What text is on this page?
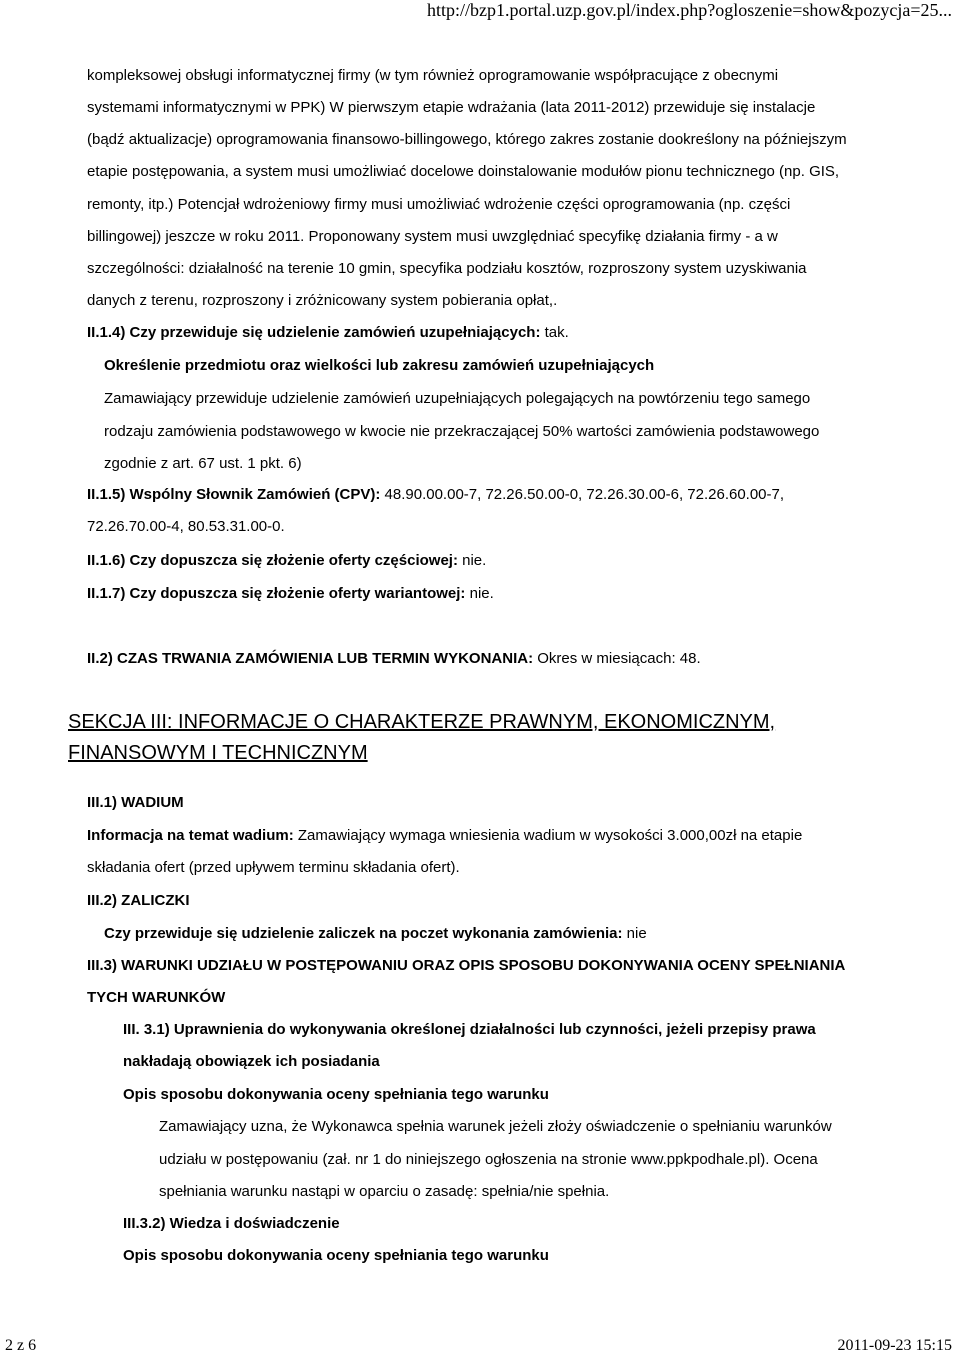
http://bzp1.portal.uzp.gov.pl/index.php?ogloszenie=show&pozycja=25...
kompleksowej obsługi informatycznej firmy (w tym również oprogramowanie współpracujące z obecnymi
systemami informatycznymi w PPK) W pierwszym etapie wdrażania (lata 2011-2012) przewiduje się instalacje
(bądź aktualizacje) oprogramowania finansowo-billingowego, którego zakres zostanie dookreślony na późniejszym
etapie postępowania, a system musi umożliwiać docelowe doinstalowanie modułów pionu technicznego (np. GIS,
remonty, itp.) Potencjał wdrożeniowy firmy musi umożliwiać wdrożenie części oprogramowania (np. części
billingowej) jeszcze w roku 2011. Proponowany system musi uwzględniać specyfikę działania firmy - a w
szczególności: działalność na terenie 10 gmin, specyfika podziału kosztów, rozproszony system uzyskiwania
danych z terenu, rozproszony i zróżnicowany system pobierania opłat,.
II.1.4) Czy przewiduje się udzielenie zamówień uzupełniających: tak.
Określenie przedmiotu oraz wielkości lub zakresu zamówień uzupełniających
Zamawiający przewiduje udzielenie zamówień uzupełniających polegających na powtórzeniu tego samego
rodzaju zamówienia podstawowego w kwocie nie przekraczającej 50% wartości zamówienia podstawowego
zgodnie z art. 67 ust. 1 pkt. 6)
II.1.5) Wspólny Słownik Zamówień (CPV): 48.90.00.00-7, 72.26.50.00-0, 72.26.30.00-6, 72.26.60.00-7,
72.26.70.00-4, 80.53.31.00-0.
II.1.6) Czy dopuszcza się złożenie oferty częściowej: nie.
II.1.7) Czy dopuszcza się złożenie oferty wariantowej: nie.
II.2) CZAS TRWANIA ZAMÓWIENIA LUB TERMIN WYKONANIA: Okres w miesiącach: 48.
SEKCJA III: INFORMACJE O CHARAKTERZE PRAWNYM, EKONOMICZNYM,
FINANSOWYM I TECHNICZNYM
III.1) WADIUM
Informacja na temat wadium: Zamawiający wymaga wniesienia wadium w wysokości 3.000,00zł na etapie
składania ofert (przed upływem terminu składania ofert).
III.2) ZALICZKI
Czy przewiduje się udzielenie zaliczek na poczet wykonania zamówienia: nie
III.3) WARUNKI UDZIAŁU W POSTĘPOWANIU ORAZ OPIS SPOSOBU DOKONYWANIA OCENY SPEŁNIANIA
TYCH WARUNKÓW
III. 3.1) Uprawnienia do wykonywania określonej działalności lub czynności, jeżeli przepisy prawa
nakładają obowiązek ich posiadania
Opis sposobu dokonywania oceny spełniania tego warunku
Zamawiający uzna, że Wykonawca spełnia warunek jeżeli złoży oświadczenie o spełnianiu warunków
udziału w postępowaniu (zał. nr 1 do niniejszego ogłoszenia na stronie www.ppkpodhale.pl). Ocena
spełniania warunku nastąpi w oparciu o zasadę: spełnia/nie spełnia.
III.3.2) Wiedza i doświadczenie
Opis sposobu dokonywania oceny spełniania tego warunku
2 z 6	2011-09-23 15:15
